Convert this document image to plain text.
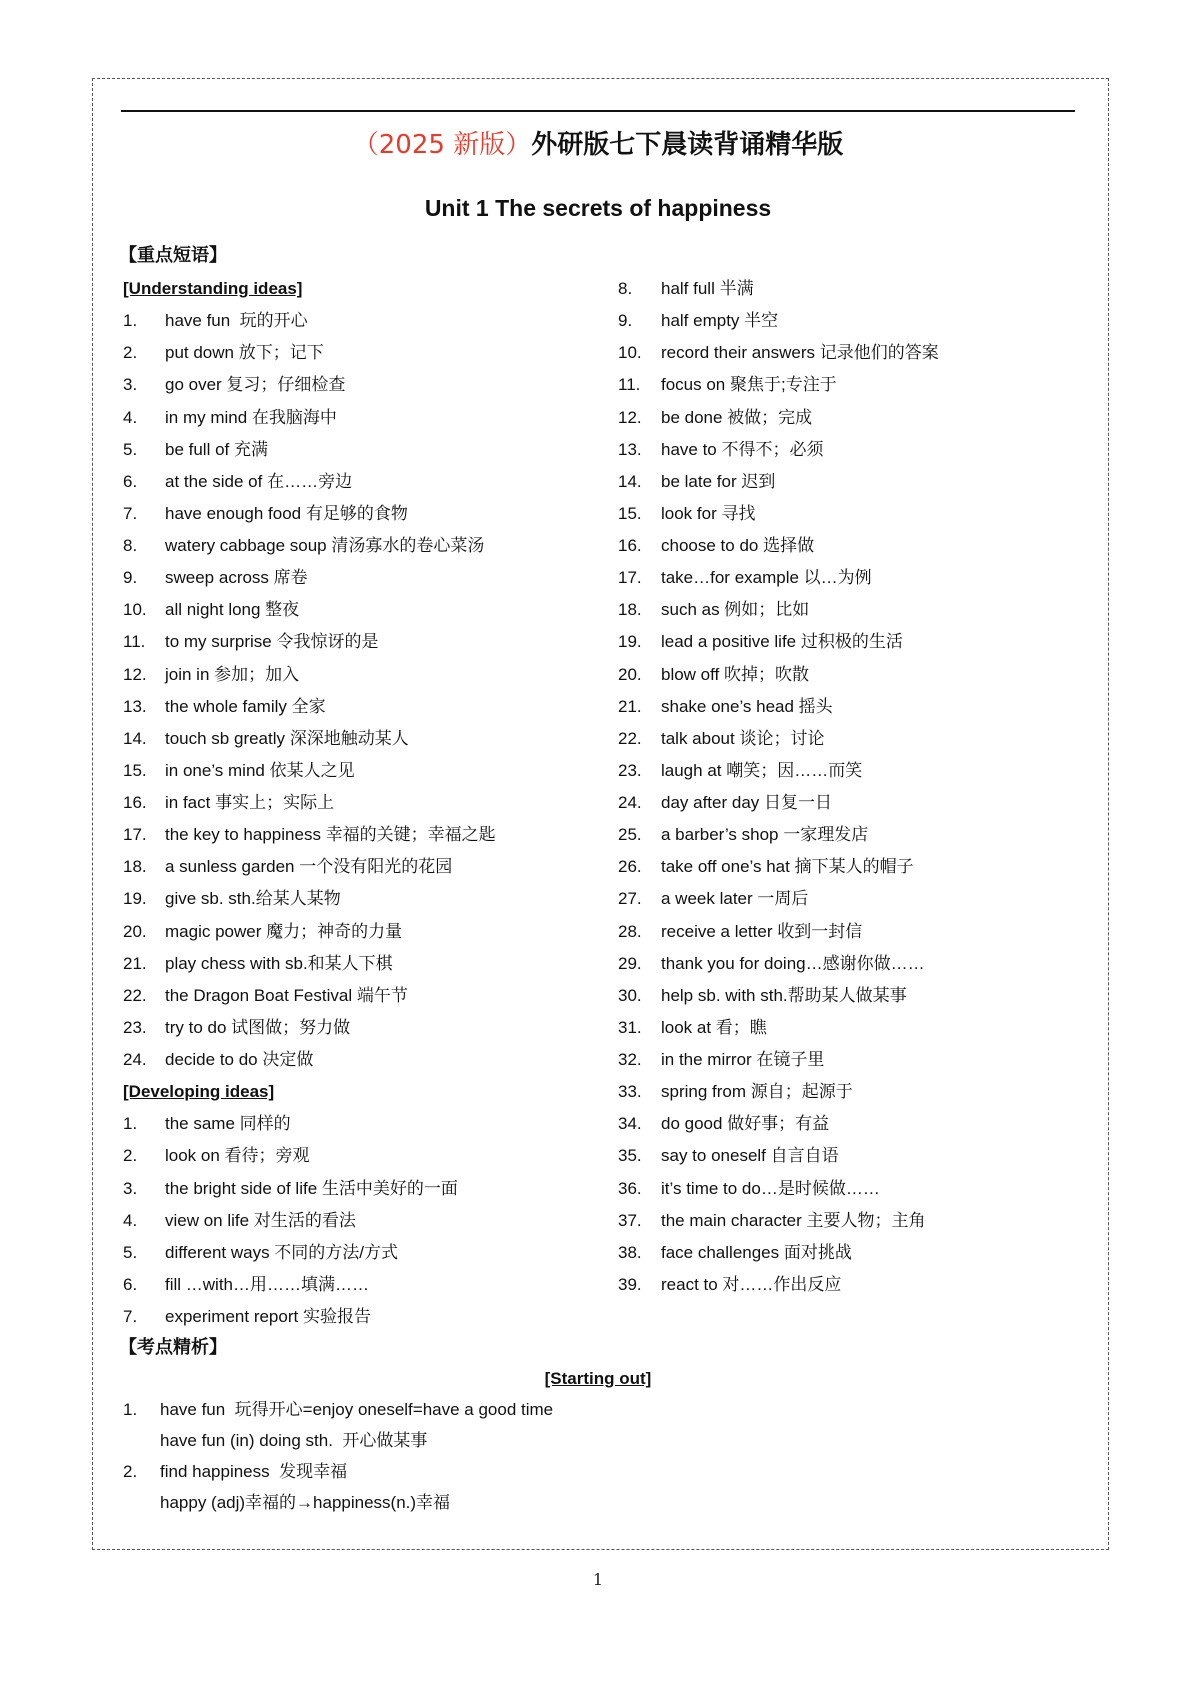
（2025 新版）外研版七下晨读背诵精华版
Unit 1 The secrets of happiness
【重点短语】
[Understanding ideas]
1.	have fun  玩的开心
2.	put down 放下；记下
3.	go over 复习；仔细检查
4.	in my mind 在我脑海中
5.	be full of 充满
6.	at the side of 在……旁边
7.	have enough food 有足够的食物
8.	watery cabbage soup 清汤寡水的卷心菜汤
9.	sweep across 席卷
10.	all night long 整夜
11.	to my surprise 令我惊讶的是
12.	join in 参加；加入
13.	the whole family 全家
14.	touch sb greatly 深深地触动某人
15.	in one’s mind 依某人之见
16.	in fact 事实上；实际上
17.	the key to happiness 幸福的关键；幸福之匙
18.	a sunless garden 一个没有阳光的花园
19.	give sb. sth.给某人某物
20.	magic power 魔力；神奇的力量
21.	play chess with sb.和某人下棋
22.	the Dragon Boat Festival 端午节
23.	try to do 试图做；努力做
24.	decide to do 决定做
[Developing ideas]
1.	the same 同样的
2.	look on 看待；旁观
3.	the bright side of life 生活中美好的一面
4.	view on life 对生活的看法
5.	different ways 不同的方法/方式
6.	fill …with…用……填满……
7.	experiment report 实验报告
8.	half full 半满
9.	half empty 半空
10.	record their answers 记录他们的答案
11.	focus on 聚焦于;专注于
12.	be done 被做；完成
13.	have to 不得不；必须
14.	be late for 迟到
15.	look for 寻找
16.	choose to do 选择做
17.	take…for example 以…为例
18.	such as 例如；比如
19.	lead a positive life 过积极的生活
20.	blow off 吹掉；吹散
21.	shake one’s head 摇头
22.	talk about 谈论；讨论
23.	laugh at 嘲笑；因……而笑
24.	day after day 日复一日
25.	a barber’s shop 一家理发店
26.	take off one’s hat 摘下某人的帽子
27.	a week later 一周后
28.	receive a letter 收到一封信
29.	thank you for doing…感谢你做……
30.	help sb. with sth.帮助某人做某事
31.	look at 看；瞧
32.	in the mirror 在镜子里
33.	spring from 源自；起源于
34.	do good 做好事；有益
35.	say to oneself 自言自语
36.	it’s time to do…是时候做……
37.	the main character 主要人物；主角
38.	face challenges 面对挑战
39.	react to 对……作出反应
【考点精析】
[Starting out]
1.	have fun  玩得开心=enjoy oneself=have a good time
have fun (in) doing sth.  开心做某事
2.	find happiness  发现幸福
happy (adj)幸福的→happiness(n.)幸福
1
